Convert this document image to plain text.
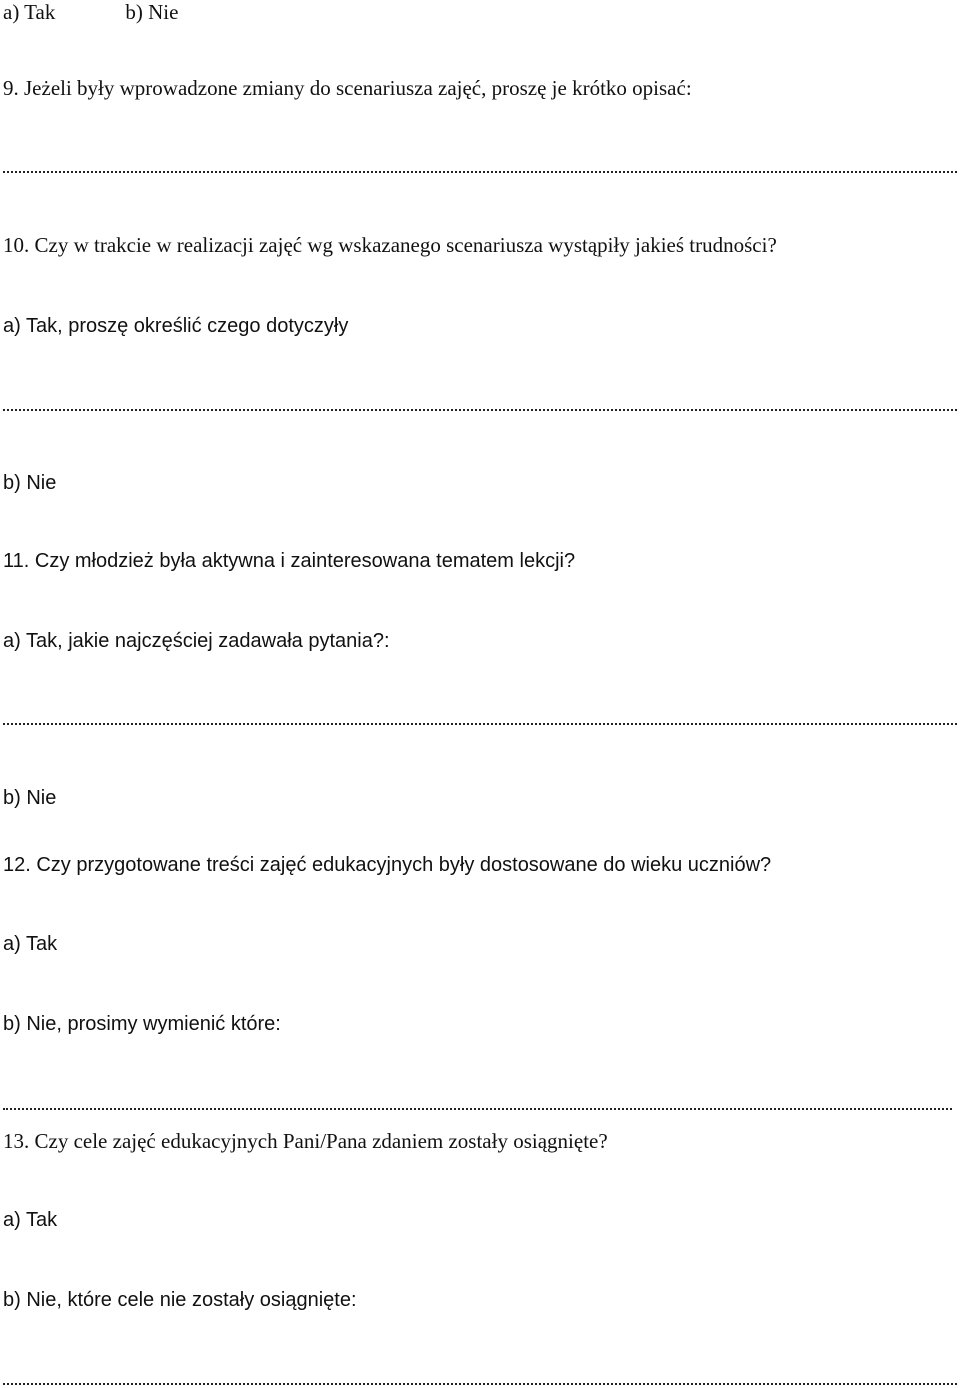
a) Tak	b) Nie
9. Jeżeli były wprowadzone zmiany do scenariusza zajęć, proszę je krótko opisać:
10. Czy w trakcie w realizacji zajęć wg wskazanego scenariusza wystąpiły jakieś trudności?
a) Tak, proszę określić czego dotyczyły
b) Nie
11. Czy młodzież była aktywna i zainteresowana tematem lekcji?
a) Tak, jakie najczęściej zadawała pytania?:
b) Nie
12. Czy przygotowane treści zajęć edukacyjnych były dostosowane do wieku uczniów?
a) Tak
b) Nie, prosimy wymienić które:
13. Czy cele zajęć edukacyjnych Pani/Pana zdaniem zostały osiągnięte?
a) Tak
b) Nie, które cele nie zostały osiągnięte:
